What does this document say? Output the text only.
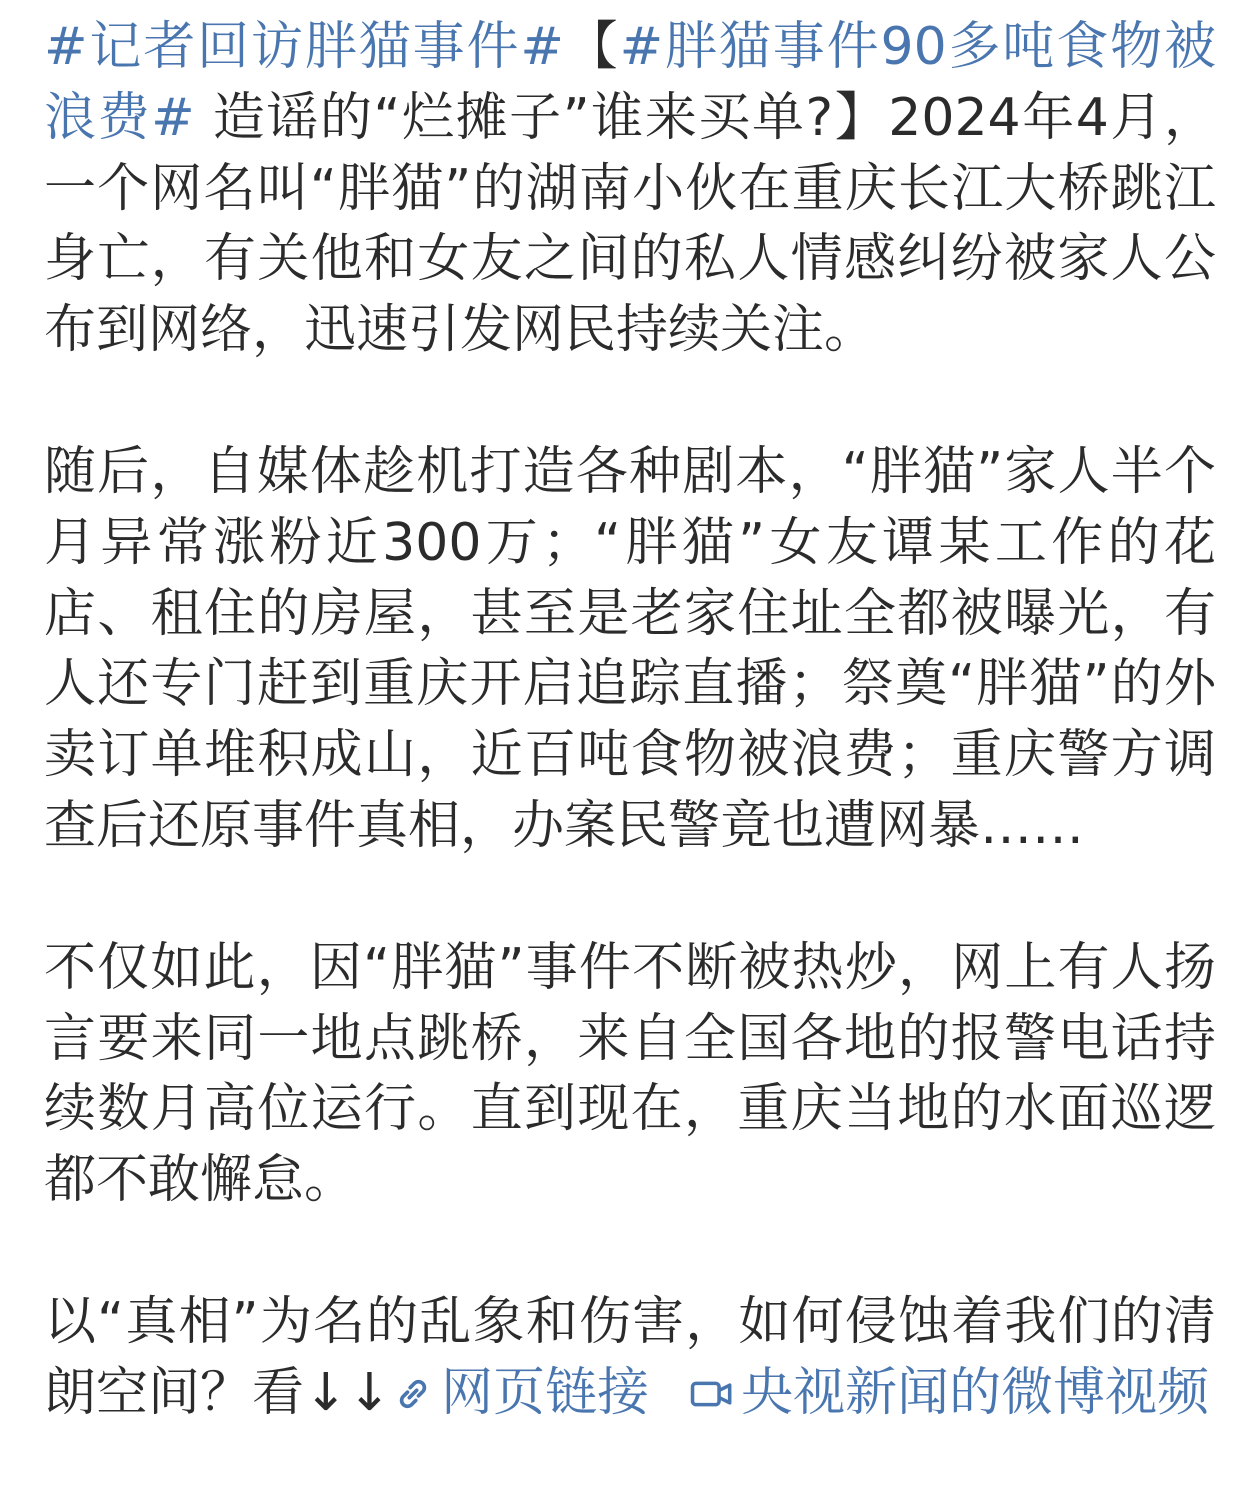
#记者回访胖猫事件#【#胖猫事件90多吨食物被浪费# 造谣的“烂摊子”谁来买单?】2024年4月，一个网名叫“胖猫”的湖南小伙在重庆长江大桥跳江身亡，有关他和女友之间的私人情感纠纷被家人公布到网络，迅速引发网民持续关注。

随后，自媒体趁机打造各种剧本，“胖猫”家人半个月异常涨粉近300万；“胖猫”女友谭某工作的花店、租住的房屋，甚至是老家住址全都被曝光，有人还专门赶到重庆开启追踪直播；祭奠“胖猫”的外卖订单堆积成山，近百吨食物被浪费；重庆警方调查后还原事件真相，办案民警竟也遭网暴……

不仅如此，因“胖猫”事件不断被热炒，网上有人扬言要来同一地点跳桥，来自全国各地的报警电话持续数月高位运行。直到现在，重庆当地的水面巡逻都不敢懈怠。

以“真相”为名的乱象和伤害，如何侵蚀着我们的清朗空间？看↓↓ 网页链接 央视新闻的微博视频
